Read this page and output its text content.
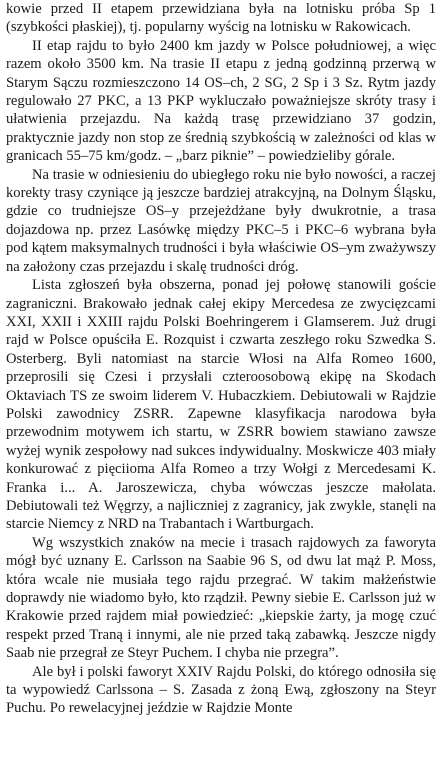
kowie przed II etapem przewidziana była na lotnisku próba Sp 1 (szybkości płaskiej), tj. popularny wyścig na lotnisku w Rakowicach.

II etap rajdu to było 2400 km jazdy w Polsce południowej, a więc razem około 3500 km. Na trasie II etapu z jedną godzinną przerwą w Starym Sączu rozmieszczono 14 OS–ch, 2 SG, 2 Sp i 3 Sz. Rytm jazdy regulowało 27 PKC, a 13 PKP wykluczało poważniejsze skróty trasy i ułatwienia przejazdu. Na każdą trasę przewidziano 37 godzin, praktycznie jazdy non stop ze średnią szybkością w zależności od klas w granicach 55–75 km/godz. – „barz piknie” – powiedzieliby górale.

Na trasie w odniesieniu do ubiegłego roku nie było nowości, a raczej korekty trasy czyniące ją jeszcze bardziej atrakcyjną, na Dolnym Śląsku, gdzie co trudniejsze OS–y przejeżdżane były dwukrotnie, a trasa dojazdowa np. przez Lasówkę między PKC–5 i PKC–6 wybrana była pod kątem maksymalnych trudności i była właściwie OS–ym zważywszy na założony czas przejazdu i skalę trudności dróg.

Lista zgłoszeń była obszerna, ponad jej połowę stanowili goście zagraniczni. Brakowało jednak całej ekipy Mercedesa ze zwycięzcami XXI, XXII i XXIII rajdu Polski Boehringerem i Glamserem. Już drugi rajd w Polsce opuściła E. Rozquist i czwarta zeszłego roku Szwedka S. Osterberg. Byli natomiast na starcie Włosi na Alfa Romeo 1600, przeprosili się Czesi i przysłali czteroosobową ekipę na Skodach Oktaviach TS ze swoim liderem V. Hubaczkiem. Debiutowali w Rajdzie Polski zawodnicy ZSRR. Zapewne klasyfikacja narodowa była przewodnim motywem ich startu, w ZSRR bowiem stawiano zawsze wyżej wynik zespołowy nad sukces indywidualny. Moskwicze 403 miały konkurować z pięciioma Alfa Romeo a trzy Wołgi z Mercedesami K. Franka i... A. Jaroszewicza, chyba wówczas jeszcze małolata. Debiutowali też Węgrzy, a najliczniej z zagranicy, jak zwykle, stanęli na starcie Niemcy z NRD na Trabantach i Wartburgach.

Wg wszystkich znaków na mecie i trasach rajdowych za faworyta mógł być uznany E. Carlsson na Saabie 96 S, od dwu lat mąż P. Moss, która wcale nie musiała tego rajdu przegrać. W takim małżeństwie doprawdy nie wiadomo było, kto rządził. Pewny siebie E. Carlsson już w Krakowie przed rajdem miał powiedzieć: „kiepskie żarty, ja mogę czuć respekt przed Traną i innymi, ale nie przed taką zabawką. Jeszcze nigdy Saab nie przegrał ze Steyr Puchem. I chyba nie przegra”.

Ale był i polski faworyt XXIV Rajdu Polski, do którego odnosiła się ta wypowiedź Carlssona – S. Zasada z żoną Ewą, zgłoszony na Steyr Puchu. Po rewelacyjnej jeździe w Rajdzie Monte
